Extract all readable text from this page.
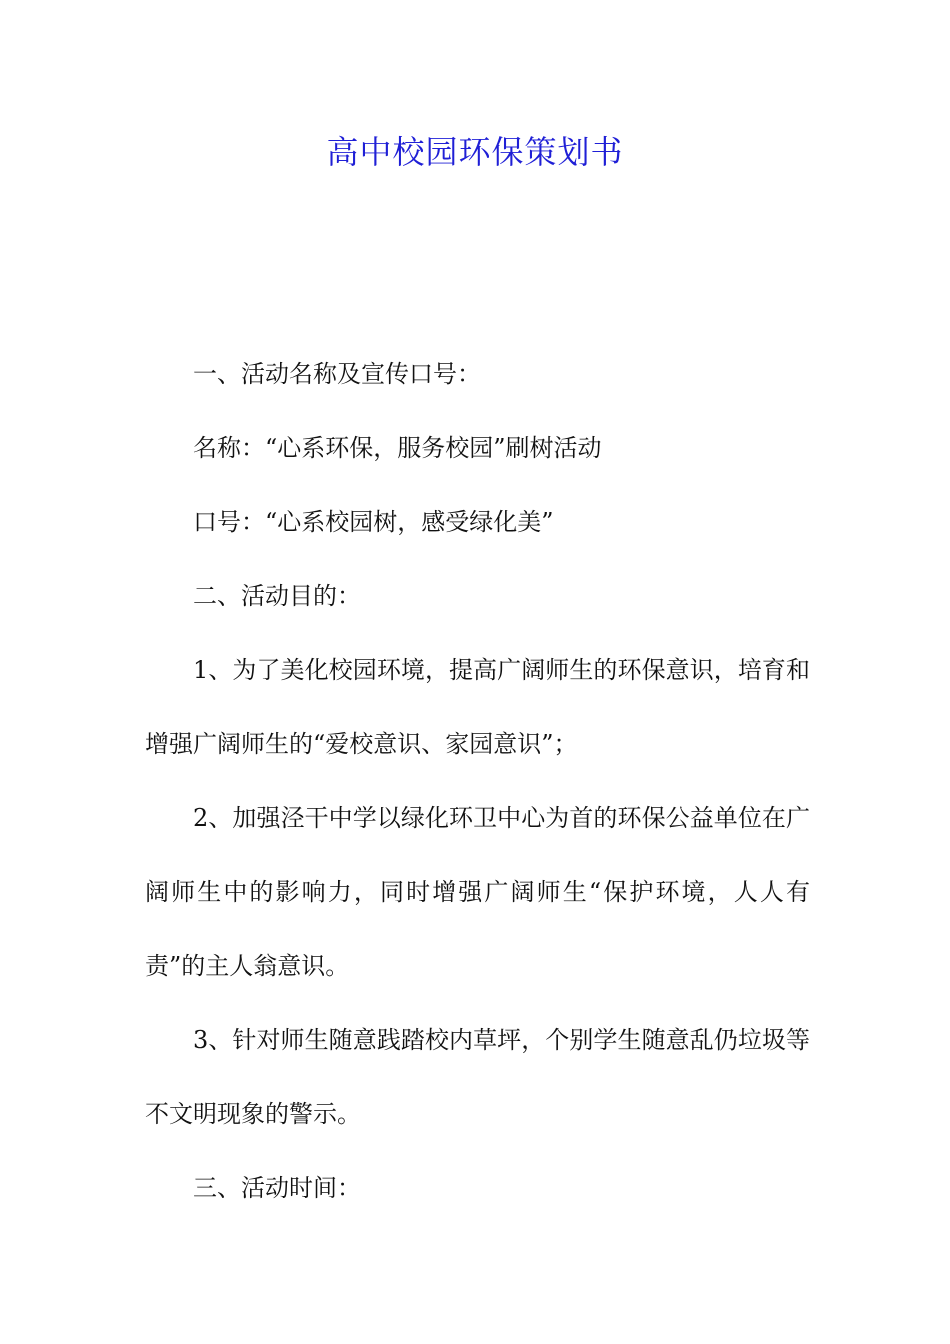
高中校园环保策划书

一、活动名称及宣传口号：

名称：“心系环保，服务校园”刷树活动

口号：“心系校园树，感受绿化美”

二、活动目的：

1、为了美化校园环境，提高广阔师生的环保意识，培育和增强广阔师生的“爱校意识、家园意识”；

2、加强泾干中学以绿化环卫中心为首的环保公益单位在广阔师生中的影响力，同时增强广阔师生“保护环境，人人有责”的主人翁意识。

3、针对师生随意践踏校内草坪，个别学生随意乱仍垃圾等不文明现象的警示。

三、活动时间：
